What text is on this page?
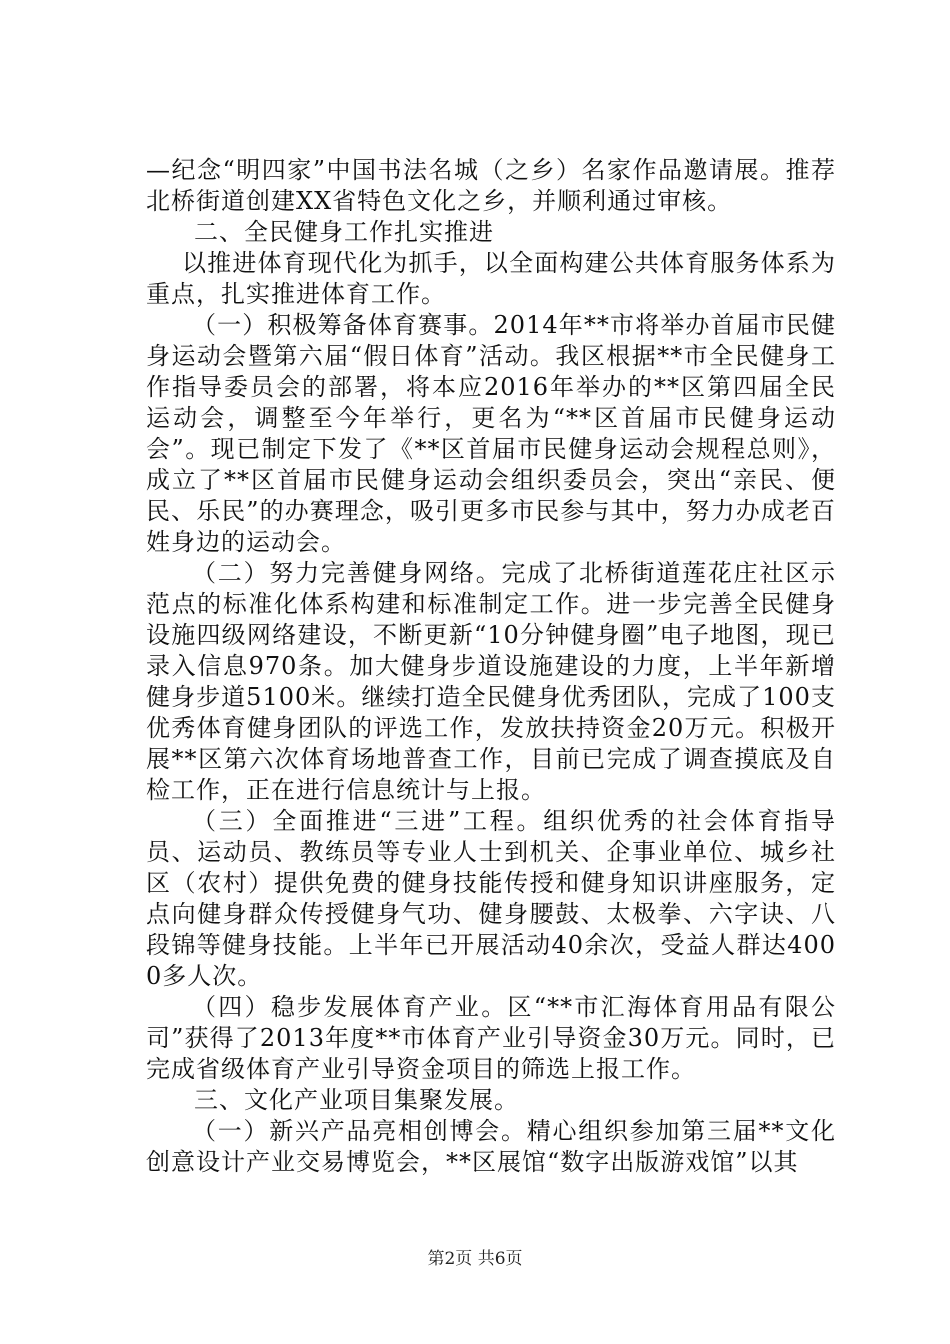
—纪念“明四家”中国书法名城（之乡）名家作品邀请展。推荐北桥街道创建XX省特色文化之乡，并顺利通过审核。

二、全民健身工作扎实推进

以推进体育现代化为抓手，以全面构建公共体育服务体系为重点，扎实推进体育工作。

（一）积极筹备体育赛事。2014年**市将举办首届市民健身运动会暨第六届“假日体育”活动。我区根据**市全民健身工作指导委员会的部署，将本应2016年举办的**区第四届全民运动会，调整至今年举行，更名为“**区首届市民健身运动会”。现已制定下发了《**区首届市民健身运动会规程总则》，成立了**区首届市民健身运动会组织委员会，突出“亲民、便民、乐民”的办赛理念，吸引更多市民参与其中，努力办成老百姓身边的运动会。

（二）努力完善健身网络。完成了北桥街道莲花庄社区示范点的标准化体系构建和标准制定工作。进一步完善全民健身设施四级网络建设，不断更新“10分钟健身圈”电子地图，现已录入信息970条。加大健身步道设施建设的力度，上半年新增健身步道5100米。继续打造全民健身优秀团队，完成了100支优秀体育健身团队的评选工作，发放扶持资金20万元。积极开展**区第六次体育场地普查工作，目前已完成了调查摸底及自检工作，正在进行信息统计与上报。

（三）全面推进“三进”工程。组织优秀的社会体育指导员、运动员、教练员等专业人士到机关、企事业单位、城乡社区（农村）提供免费的健身技能传授和健身知识讲座服务，定点向健身群众传授健身气功、健身腰鼓、太极拳、六字诀、八段锦等健身技能。上半年已开展活动40余次，受益人群达4000多人次。

（四）稳步发展体育产业。区“**市汇海体育用品有限公司”获得了2013年度**市体育产业引导资金30万元。同时，已完成省级体育产业引导资金项目的筛选上报工作。

三、文化产业项目集聚发展。

（一）新兴产品亮相创博会。精心组织参加第三届**文化创意设计产业交易博览会，**区展馆“数字出版游戏馆”以其

第2页 共6页
